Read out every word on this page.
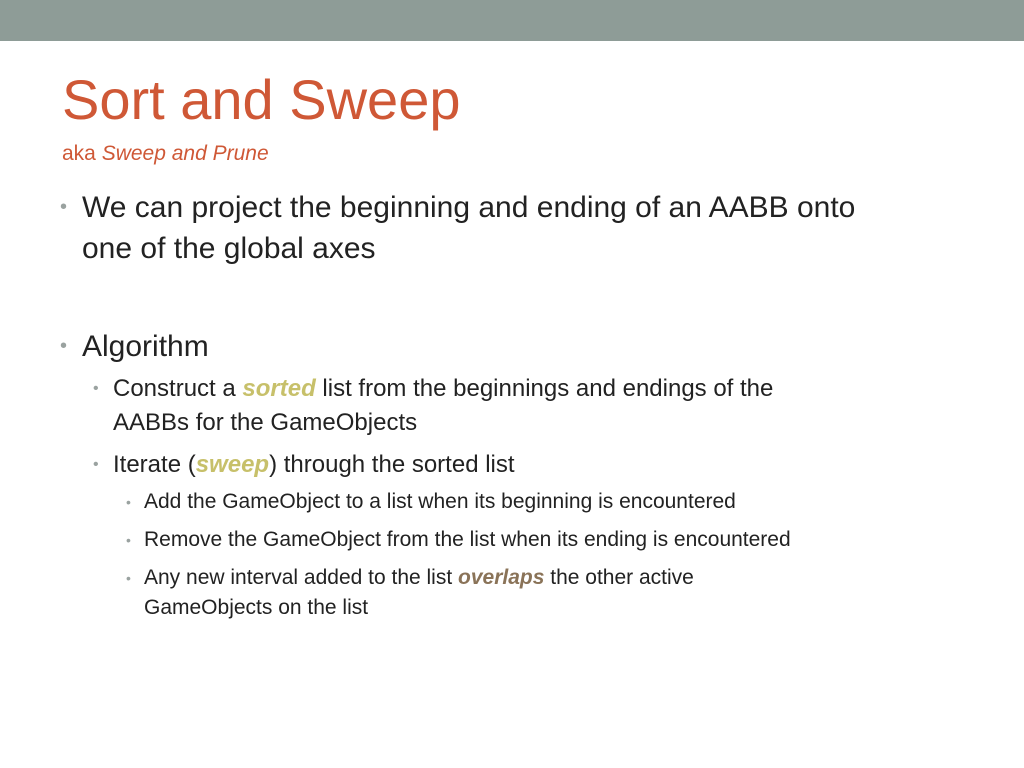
Sort and Sweep
aka Sweep and Prune
• We can project the beginning and ending of an AABB onto
one of the global axes
• Algorithm
• Construct a sorted list from the beginnings and endings of the
AABBs for the GameObjects
• Iterate (sweep) through the sorted list
• Add the GameObject to a list when its beginning is encountered
• Remove the GameObject from the list when its ending is encountered
• Any new interval added to the list overlaps the other active
GameObjects on the list
